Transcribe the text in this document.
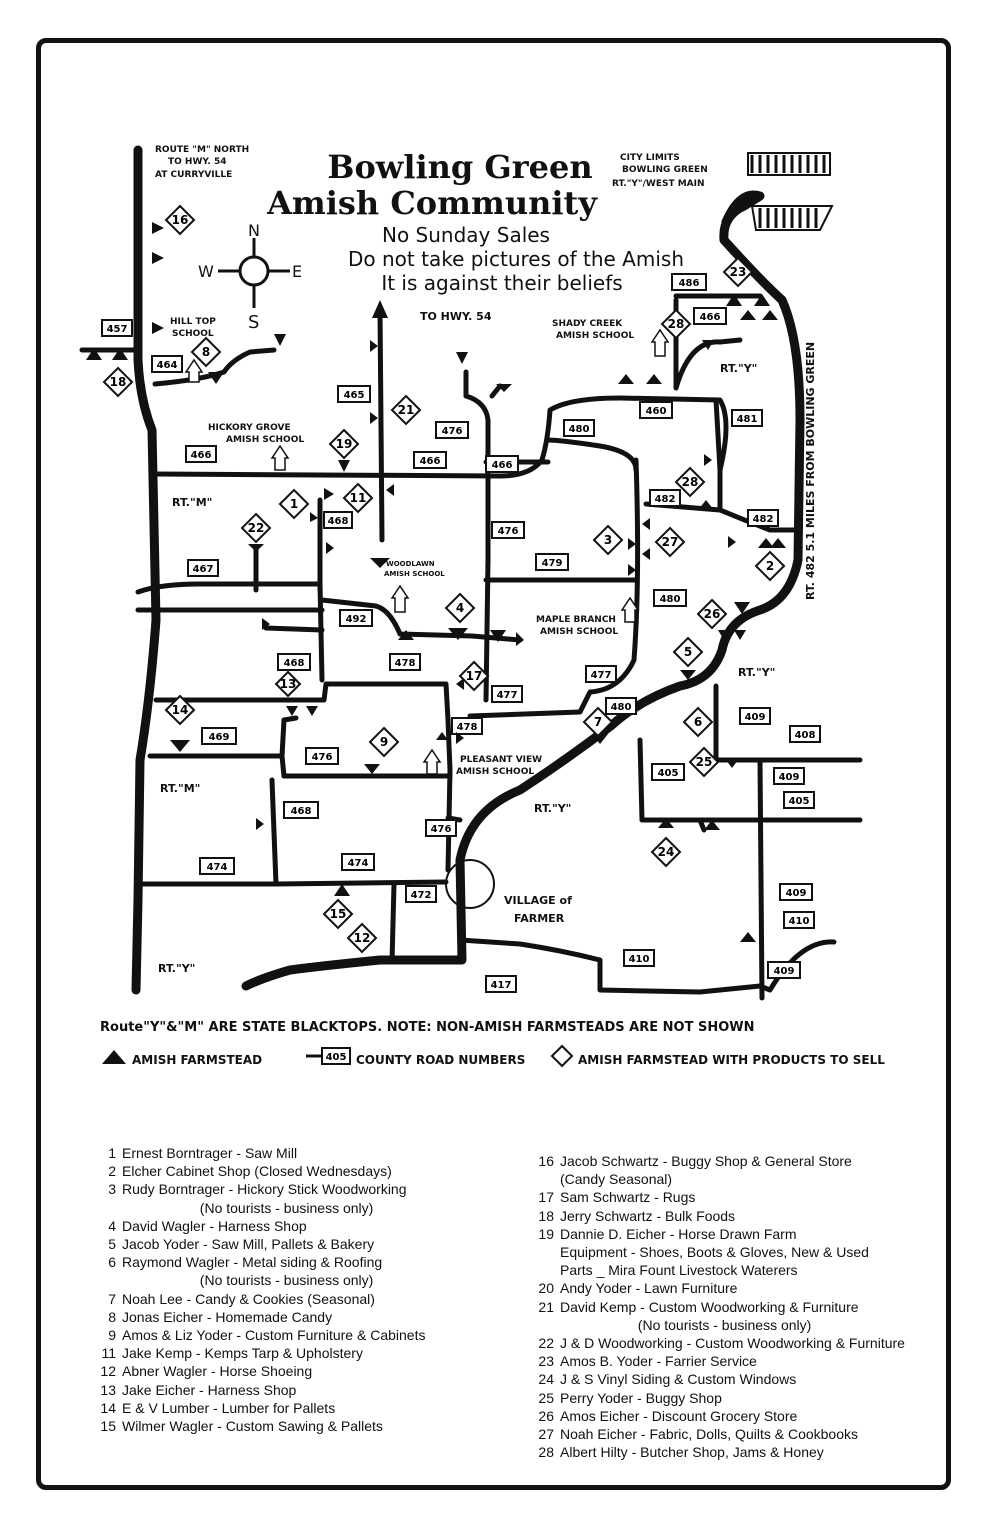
Bowling Green
Amish Community
No Sunday Sales
Do not take pictures of the Amish
It is against their beliefs
ROUTE "M" NORTH
TO HWY. 54
AT CURRYVILLE
CITY LIMITS
BOWLING GREEN
RT."Y"/WEST MAIN
N
S
E
W
VILLAGE of
FARMER
TO HWY. 54
RT. 482 5.1 MILES FROM BOWLING GREEN
RT."M"
RT."M"
RT."Y"
RT."Y"
RT."Y"
RT."Y"
HILL TOP
SCHOOL
SHADY CREEK
AMISH SCHOOL
HICKORY GROVE
AMISH SCHOOL
WOODLAWN
AMISH SCHOOL
MAPLE BRANCH
AMISH SCHOOL
PLEASANT VIEW
AMISH SCHOOL
457
464
465
466
466	466
476
467
468
492
478
468
469
476
468
474	474
472
476
477
478
480
460
480
481
482
482
477
480
479
476
486
466
405
409
408
409
405
409
410
410
417
409
16
8
18
21
19
1	11
22
4
13
17
14
9
15
12
3	27
28
28
23
2
26
5
6
25
7
24
Route"Y"&"M" ARE STATE BLACKTOPS. NOTE: NON-AMISH FARMSTEADS ARE NOT SHOWN
AMISH FARMSTEAD	405 COUNTY ROAD NUMBERS	AMISH FARMSTEAD WITH PRODUCTS TO SELL
1 Ernest Borntrager - Saw Mill
2 Elcher Cabinet Shop (Closed Wednesdays)
3 Rudy Borntrager - Hickory Stick Woodworking
(No tourists - business only)
4 David Wagler - Harness Shop
5 Jacob Yoder - Saw Mill, Pallets & Bakery
6 Raymond Wagler - Metal siding & Roofing
(No tourists - business only)
7 Noah Lee - Candy & Cookies (Seasonal)
8 Jonas Eicher - Homemade Candy
9 Amos & Liz Yoder - Custom Furniture & Cabinets
11 Jake Kemp - Kemps Tarp & Upholstery
12 Abner Wagler - Horse Shoeing
13 Jake Eicher - Harness Shop
14 E & V Lumber - Lumber for Pallets
15 Wilmer Wagler - Custom Sawing & Pallets
16 Jacob Schwartz - Buggy Shop & General Store
(Candy Seasonal)
17 Sam Schwartz - Rugs
18 Jerry Schwartz - Bulk Foods
19 Dannie D. Eicher - Horse Drawn Farm
Equipment - Shoes, Boots & Gloves, New & Used
Parts _ Mira Fount Livestock Waterers
20 Andy Yoder - Lawn Furniture
21 David Kemp - Custom Woodworking & Furniture
(No tourists - business only)
22 J & D Woodworking - Custom Woodworking & Furniture
23 Amos B. Yoder - Farrier Service
24 J & S Vinyl Siding & Custom Windows
25 Perry Yoder - Buggy Shop
26 Amos Eicher - Discount Grocery Store
27 Noah Eicher - Fabric, Dolls, Quilts & Cookbooks
28 Albert Hilty - Butcher Shop, Jams & Honey
